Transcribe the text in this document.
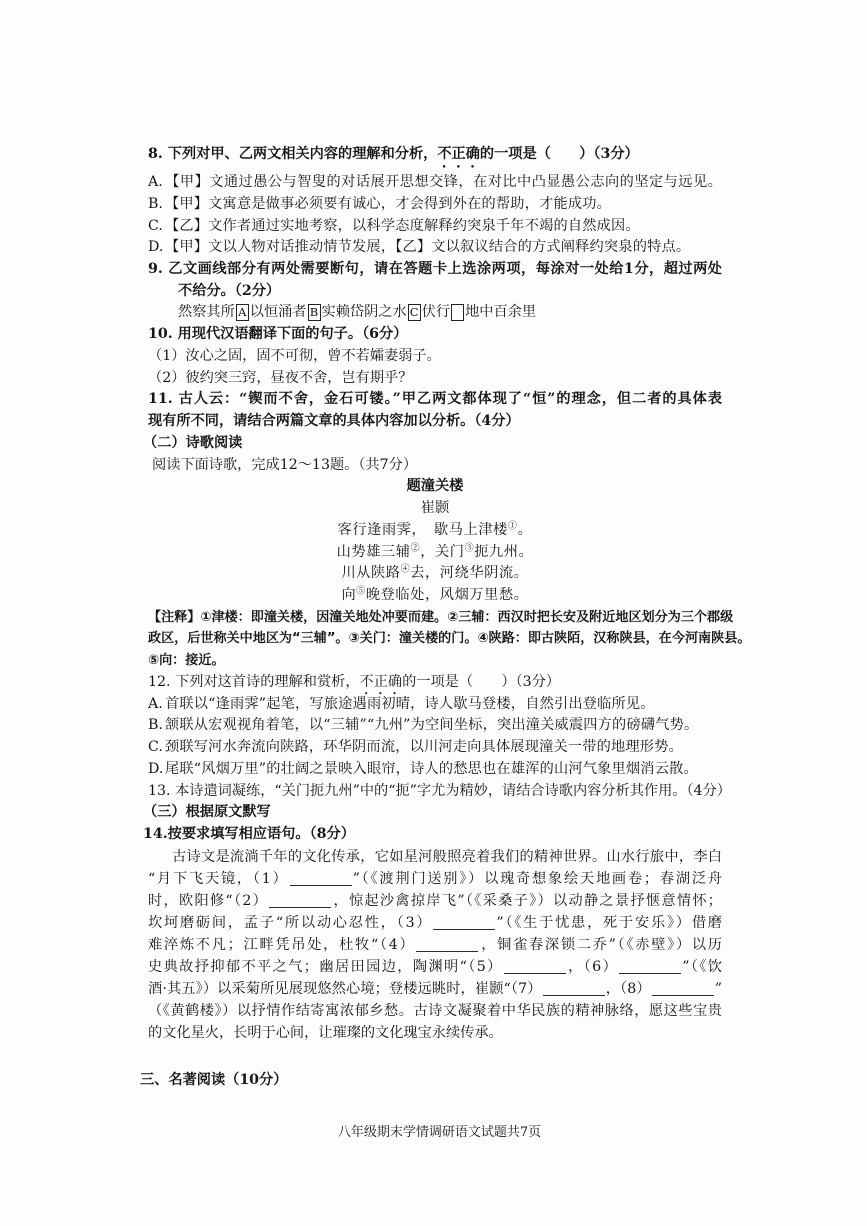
8. 下列对甲、乙两文相关内容的理解和分析，不正确的一项是（　　）（3分）
A. 【甲】文通过愚公与智叟的对话展开思想交锋，在对比中凸显愚公志向的坚定与远见。
B. 【甲】文寓意是做事必须要有诚心，才会得到外在的帮助，才能成功。
C. 【乙】文作者通过实地考察，以科学态度解释约突泉千年不竭的自然成因。
D. 【甲】文以人物对话推动情节发展，【乙】文以叙议结合的方式阐释约突泉的特点。
9. 乙文画线部分有两处需要断句，请在答题卡上选涂两项，每涂对一处给1分，超过两处
不给分。（2分）
然察其所 A 以恒涌者 B 实赖岱阴之水 C 伏行 地中百余里
10. 用现代汉语翻译下面的句子。（6分）
（1）汝心之固，固不可彻，曾不若孀妻弱子。
（2）彼约突三窍，昼夜不舍，岂有期乎？
11. 古人云：“锲而不舍，金石可镂。”甲乙两文都体现了“恒”的理念，但二者的具体表
现有所不同，请结合两篇文章的具体内容加以分析。（4分）
（二）诗歌阅读
阅读下面诗歌，完成12～13题。（共7分）
题潼关楼
崔颢
客行逢雨霁，　歇马上津楼①。
山势雄三辅②，关门③扼九州。
川从陕路④去，河绕华阴流。
向⑤晚登临处，风烟万里愁。
【注释】①津楼：即潼关楼，因潼关地处冲要而建。②三辅：西汉时把长安及附近地区划分为三个郡级
政区，后世称关中地区为“三辅”。③关门：潼关楼的门。④陕路：即古陕陌，汉称陕县，在今河南陕县。
⑤向：接近。
12. 下列对这首诗的理解和赏析，不正确的一项是（　　）（3分）
A. 首联以“逢雨霁”起笔，写旅途遇雨初晴，诗人歇马登楼，自然引出登临所见。
B. 颔联从宏观视角着笔，以“三辅”“九州”为空间坐标，突出潼关威震四方的磅礴气势。
C. 颈联写河水奔流向陕路，环华阴而流，以川河走向具体展现潼关一带的地理形势。
D. 尾联“风烟万里”的壮阔之景映入眼帘，诗人的愁思也在雄浑的山河气象里烟消云散。
13. 本诗遣词凝练，“关门扼九州”中的“扼”字尤为精妙，请结合诗歌内容分析其作用。（4分）
（三）根据原文默写
14.按要求填写相应语句。（8分）
古诗文是流淌千年的文化传承，它如星河般照亮着我们的精神世界。山水行旅中，李白
“月下飞天镜，（1）	”（《渡荆门送别》）以瑰奇想象绘天地画卷；春湖泛舟
时，欧阳修“（2）	，惊起沙禽掠岸飞”（《采桑子》）以动静之景抒惬意情怀；
坎坷磨砺间，孟子“所以动心忍性，（3）	”（《生于忧患，死于安乐》）借磨
难淬炼不凡；江畔凭吊处，杜牧“（4）	，铜雀春深锁二乔”（《赤壁》）以历
史典故抒抑郁不平之气；幽居田园边，陶渊明“（5）	，（6）	”（《饮
酒·其五》）以采菊所见展现悠然心境；登楼远眺时，崔颢“（7）	，（8）	”
（《黄鹤楼》）以抒情作结寄寓浓郁乡愁。古诗文凝聚着中华民族的精神脉络，愿这些宝贵
的文化星火，长明于心间，让璀璨的文化瑰宝永续传承。
三、名著阅读（10分）
八年级期末学情调研语文试题共7页
